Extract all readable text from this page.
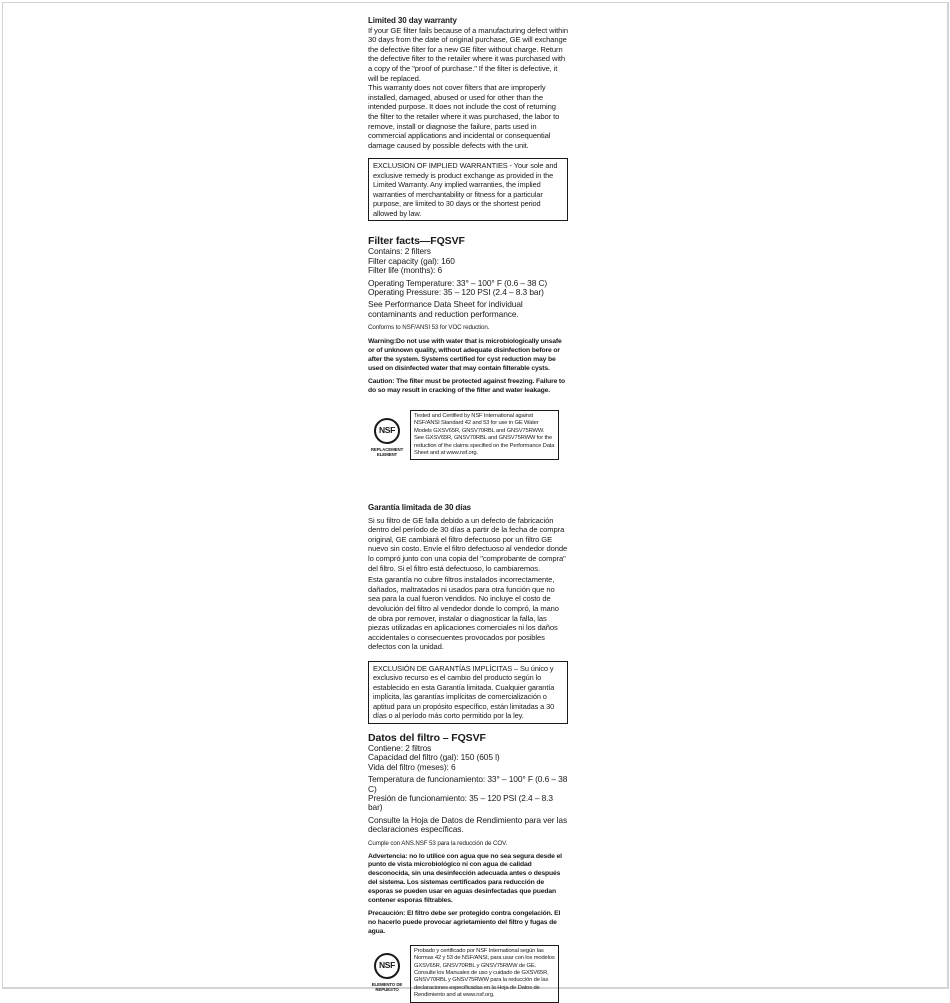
Limited 30 day warranty

If your GE filter fails because of a manufacturing defect within 30 days from the date of original purchase, GE will exchange the defective filter for a new GE filter without charge. Return the defective filter to the retailer where it was purchased with a copy of the "proof of purchase." If the filter is defective, it will be replaced.

This warranty does not cover filters that are improperly installed, damaged, abused or used for other than the intended purpose. It does not include the cost of returning the filter to the retailer where it was purchased, the labor to remove, install or diagnose the failure, parts used in commercial applications and incidental or consequential damage caused by possible defects with the unit.

EXCLUSION OF IMPLIED WARRANTIES - Your sole and exclusive remedy is product exchange as provided in the Limited Warranty. Any implied warranties, the implied warranties of merchantability or fitness for a particular purpose, are limited to 30 days or the shortest period allowed by law.

Filter facts—FQSVF

Contains: 2 filters

Filter capacity (gal): 160

Filter life (months): 6

Operating Temperature: 33° – 100° F (0.6 – 38 C)

Operating Pressure: 35 – 120 PSI (2.4 – 8.3 bar)

See Performance Data Sheet for individual contaminants and reduction performance.

Conforms to NSF/ANSI 53 for VOC reduction.

Warning:Do not use with water that is microbiologically unsafe or of unknown quality, without adequate disinfection before or after the system. Systems certified for cyst reduction may be used on disinfected water that may contain filterable cysts.

Caution: The filter must be protected against freezing. Failure to do so may result in cracking of the filter and water leakage.

NSF
REPLACEMENT ELEMENT

Tested and Certified by NSF International against NSF/ANSI Standard 42 and 53 for use in GE Water Models GXSV65R, GNSV70RBL and GNSV75RWW. See GXSV65R, GNSV70RBL and GNSV75RWW for the reduction of the claims specified on the Performance Data Sheet and at www.nsf.org.

Garantía limitada de 30 días

Si su filtro de GE falla debido a un defecto de fabricación dentro del período de 30 días a partir de la fecha de compra original, GE cambiará el filtro defectuoso por un filtro GE nuevo sin costo. Envíe el filtro defectuoso al vendedor donde lo compró junto con una copia del "comprobante de compra" del filtro. Si el filtro está defectuoso, lo cambiaremos.

Esta garantía no cubre filtros instalados incorrectamente, dañados, maltratados ni usados para otra función que no sea para la cual fueron vendidos. No incluye el costo de devolución del filtro al vendedor donde lo compró, la mano de obra por remover, instalar o diagnosticar la falla, las piezas utilizadas en aplicaciones comerciales ni los daños accidentales o consecuentes provocados por posibles defectos con la unidad.

EXCLUSIÓN DE GARANTÍAS IMPLÍCITAS – Su único y exclusivo recurso es el cambio del producto según lo establecido en esta Garantía limitada. Cualquier garantía implícita, las garantías implícitas de comercialización o aptitud para un propósito específico, están limitadas a 30 días o al período más corto permitido por la ley.

Datos del filtro – FQSVF

Contiene: 2 filtros

Capacidad del filtro (gal): 150 (605 l)

Vida del filtro (meses): 6

Temperatura de funcionamiento: 33° – 100° F (0.6 – 38 C)

Presión de funcionamiento: 35 – 120 PSI (2.4 – 8.3 bar)

Consulte la Hoja de Datos de Rendimiento para ver las declaraciones específicas.

Cumple con ANS.NSF 53 para la reducción de COV.

Advertencia: no lo utilice con agua que no sea segura desde el punto de vista microbiológico ni con agua de calidad desconocida, sin una desinfección adecuada antes o después del sistema. Los sistemas certificados para reducción de esporas se pueden usar en aguas desinfectadas que puedan contener esporas filtrables.

Precaución: El filtro debe ser protegido contra congelación. El no hacerlo puede provocar agrietamiento del filtro y fugas de agua.

NSF
ELEMENTO DE REPUESTO

Probado y certificado por NSF International según las Normas 42 y 53 de NSF/ANSI, para usar con los modelos GXSV65R, GNSV70RBL y GNSV75RWW de GE. Consulte los Manuales de uso y cuidado de GXSV65R, GNSV70RBL y GNSV75RWW para la reducción de las declaraciones especificadas en la Hoja de Datos de Rendimiento and at www.nsf.org.
